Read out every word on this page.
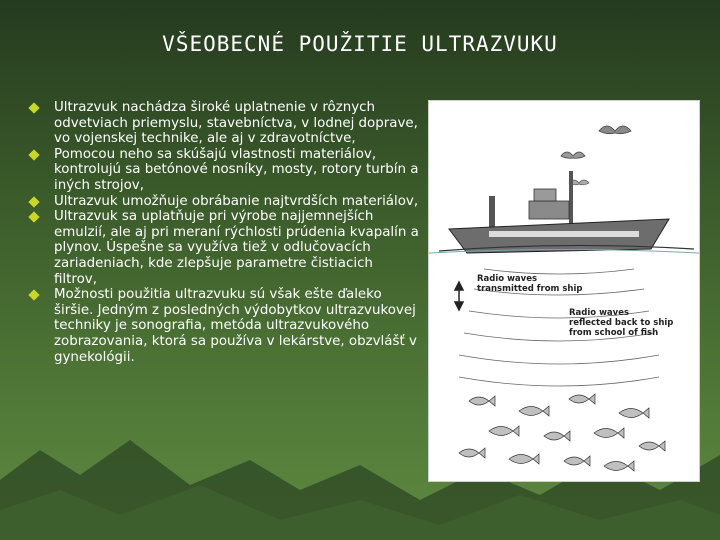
VŠEOBECNÉ POUŽITIE ULTRAZVUKU
Ultrazvuk nachádza široké uplatnenie v rôznych odvetviach priemyslu, stavebníctva, v lodnej doprave, vo vojenskej technike, ale aj v zdravotníctve,
Pomocou neho sa skúšajú vlastnosti materiálov, kontrolujú sa betónové nosníky, mosty, rotory turbín a iných strojov,
Ultrazvuk umožňuje obrábanie najtvrdších materiálov,
Ultrazvuk sa uplatňuje pri výrobe najjemnejších emulzií, ale aj pri meraní rýchlosti prúdenia kvapalín a plynov. Úspešne sa využíva tiež v odlučovacích zariadeniach, kde zlepšuje parametre čistiacich filtrov,
Možnosti použitia ultrazvuku sú však ešte ďaleko širšie. Jedným z posledných výdobytkov ultrazvukovej techniky je sonografia, metóda ultrazvukového zobrazovania, ktorá sa používa v lekárstve, obzvlášť v gynekológii.
Radio waves
transmitted from ship
Radio waves
reflected back to ship
from school of fish
